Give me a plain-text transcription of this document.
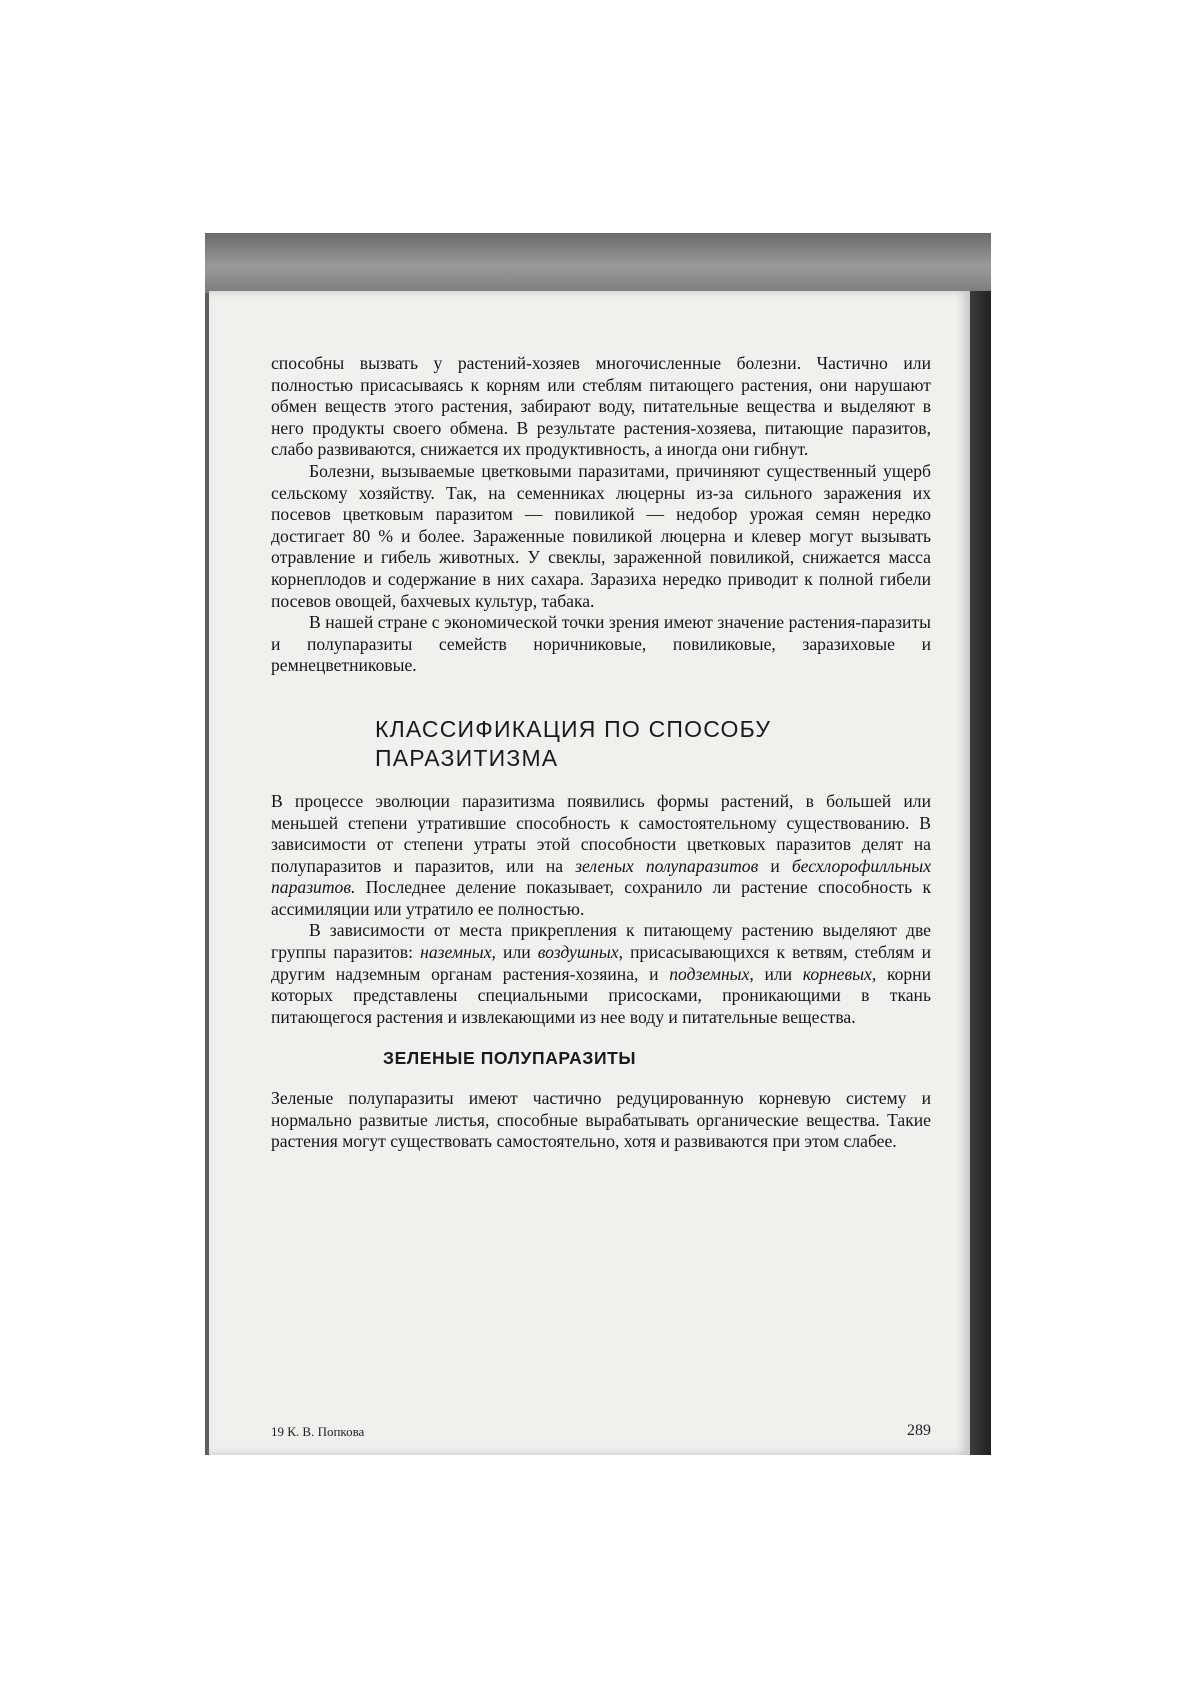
способны вызвать у растений-хозяев многочисленные болезни. Частично или полностью присасываясь к корням или стеблям питающего растения, они нарушают обмен веществ этого растения, забирают воду, питательные вещества и выделяют в него продукты своего обмена. В результате растения-хозяева, питающие паразитов, слабо развиваются, снижается их продуктивность, а иногда они гибнут.

Болезни, вызываемые цветковыми паразитами, причиняют существенный ущерб сельскому хозяйству. Так, на семенниках люцерны из-за сильного заражения их посевов цветковым паразитом — повиликой — недобор урожая семян нередко достигает 80 % и более. Зараженные повиликой люцерна и клевер могут вызывать отравление и гибель животных. У свеклы, зараженной повиликой, снижается масса корнеплодов и содержание в них сахара. Заразиха нередко приводит к полной гибели посевов овощей, бахчевых культур, табака.

В нашей стране с экономической точки зрения имеют значение растения-паразиты и полупаразиты семейств норичниковые, повиликовые, заразиховые и ремнецветниковые.

КЛАССИФИКАЦИЯ ПО СПОСОБУ
ПАРАЗИТИЗМА

В процессе эволюции паразитизма появились формы растений, в большей или меньшей степени утратившие способность к самостоятельному существованию. В зависимости от степени утраты этой способности цветковых паразитов делят на полупаразитов и паразитов, или на зеленых полупаразитов и бесхлорофилльных паразитов. Последнее деление показывает, сохранило ли растение способность к ассимиляции или утратило ее полностью.

В зависимости от места прикрепления к питающему растению выделяют две группы паразитов: наземных, или воздушных, присасывающихся к ветвям, стеблям и другим надземным органам растения-хозяина, и подземных, или корневых, корни которых представлены специальными присосками, проникающими в ткань питающегося растения и извлекающими из нее воду и питательные вещества.

ЗЕЛЕНЫЕ ПОЛУПАРАЗИТЫ

Зеленые полупаразиты имеют частично редуцированную корневую систему и нормально развитые листья, способные вырабатывать органические вещества. Такие растения могут существовать самостоятельно, хотя и развиваются при этом слабее.

19 К. В. Попкова	289
